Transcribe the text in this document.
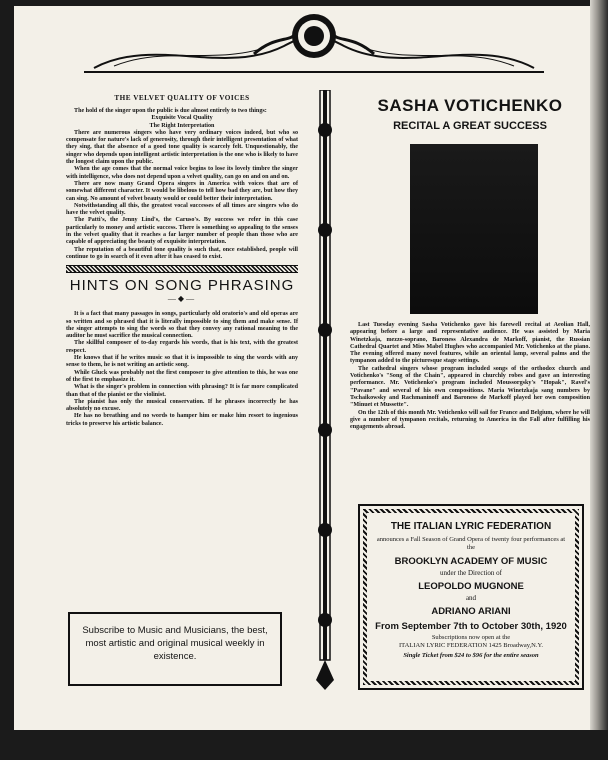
THE VELVET QUALITY OF VOICES

The hold of the singer upon the public is due almost entirely to two things:

Exquisite Vocal Quality

The Right Interpretation

There are numerous singers who have very ordinary voices indeed, but who so compensate for nature's lack of generosity, through their intelligent presentation of what they sing, that the absence of a good tone quality is scarcely felt. Unquestionably, the singer who depends upon intelligent artistic interpretation is the one who is likely to have the longest claim upon the public.

When the age comes that the normal voice begins to lose its lovely timbre the singer with intelligence, who does not depend upon a velvet quality, can go on and on and on.

There are now many Grand Opera singers in America with voices that are of somewhat different character. It would be libelous to tell how bad they are, but how they can sing. No amount of velvet beauty would or could better their interpretation.

Notwithstanding all this, the greatest vocal successes of all times are singers who do have the velvet quality.

The Patti's, the Jenny Lind's, the Caruso's. By success we refer in this case particularly to money and artistic success. There is something so appealing to the senses in the velvet quality that it reaches a far larger number of people than those who are capable of appreciating the beauty of exquisite interpretation.

The reputation of a beautiful tone quality is such that, once established, people will continue to go in search of it even after it has ceased to exist.

HINTS ON SONG PHRASING
—◆—

It is a fact that many passages in songs, particularly old oratorio's and old operas are so written and so phrased that it is literally impossible to sing them and make sense. If the singer attempts to sing the words so that they convey any rational meaning to the auditor he must sacrifice the musical connection.

The skillful composer of to-day regards his words, that is his text, with the greatest respect.

He knows that if he writes music so that it is impossible to sing the words with any sense to them, he is not writing an artistic song.

While Gluck was probably not the first composer to give attention to this, he was one of the first to emphasize it.

What is the singer's problem in connection with phrasing? It is far more complicated than that of the pianist or the violinist.

The pianist has only the musical conservation. If he phrases incorrectly he has absolutely no excuse.

He has no breathing and no words to hamper him or make him resort to ingenious tricks to preserve his artistic balance.

Subscribe to Music and Musicians, the best, most artistic and original musical weekly in existence.

SASHA VOTICHENKO
RECITAL A GREAT SUCCESS

Last Tuesday evening Sasha Votichenko gave his farewell recital at Aeolian Hall, appearing before a large and representative audience. He was assisted by Maria Winetzkaja, mezzo-soprano, Baroness Alexandra de Markoff, pianist, the Russian Cathedral Quartet and Miss Mabel Hughes who accompanied Mr. Votichenko at the piano. The evening offered many novel features, while an oriental lamp, several palms and the tympanon added to the picturesque stage settings.

The cathedral singers whose program included songs of the orthodox church and Votichenko's "Song of the Chain", appeared in churchly robes and gave an interesting performance. Mr. Votichenko's program included Moussorgsky's "Hopak", Ravel's "Pavane" and several of his own compositions. Maria Winetzkaja sang numbers by Tschaikowsky and Rachmaninoff and Baroness de Markoff played her own composition "Minuet et Mussette".

On the 12th of this month Mr. Votichenko will sail for France and Belgium, where he will give a number of tympanon recitals, returning to America in the Fall after fulfilling his engagements abroad.

THE ITALIAN LYRIC FEDERATION

announces a Fall Season of Grand Opera of twenty four performances at the

BROOKLYN ACADEMY OF MUSIC

under the Direction of

LEOPOLDO MUGNONE

and

ADRIANO ARIANI

From September 7th to October 30th, 1920

Subscriptions now open at the

ITALIAN LYRIC FEDERATION 1425 Broadway,N.Y.

Single Ticket from $24 to $96 for the entire season
